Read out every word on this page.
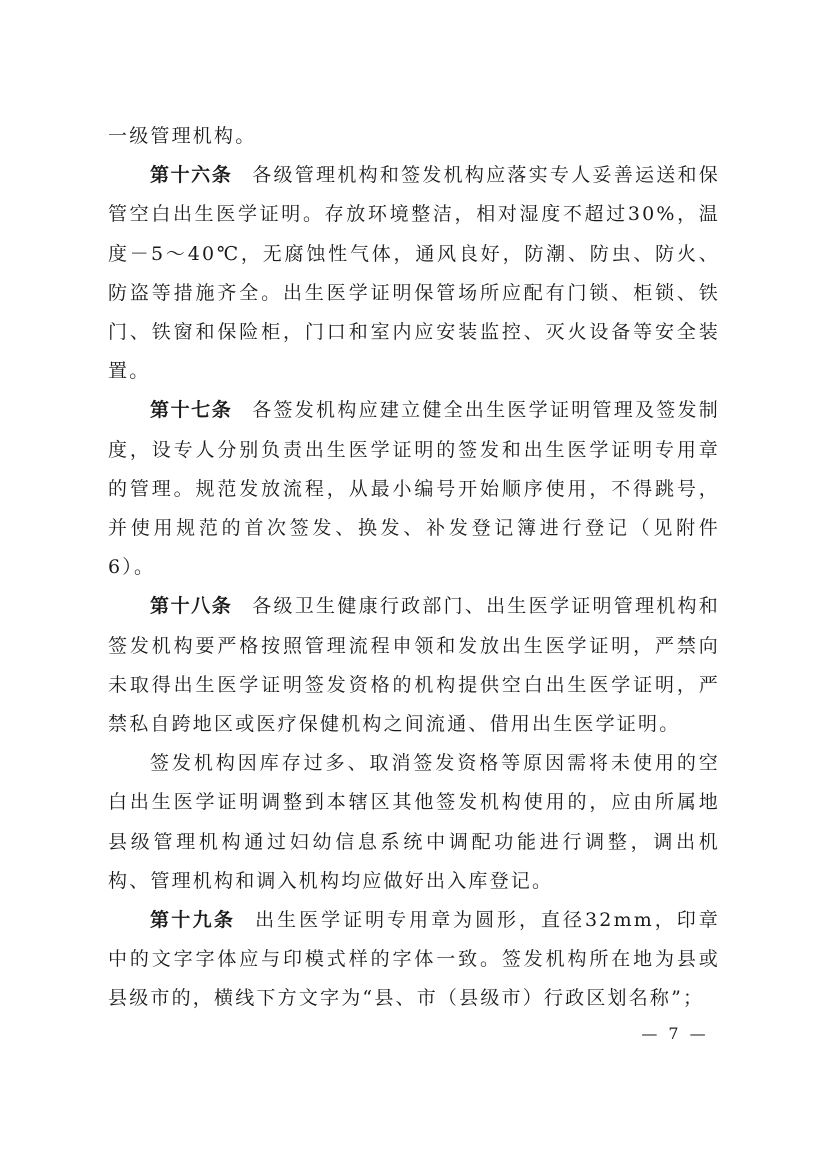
一级管理机构。

第十六条 各级管理机构和签发机构应落实专人妥善运送和保管空白出生医学证明。存放环境整洁，相对湿度不超过30%，温度－5～40℃，无腐蚀性气体，通风良好，防潮、防虫、防火、防盗等措施齐全。出生医学证明保管场所应配有门锁、柜锁、铁门、铁窗和保险柜，门口和室内应安装监控、灭火设备等安全装置。

第十七条 各签发机构应建立健全出生医学证明管理及签发制度，设专人分别负责出生医学证明的签发和出生医学证明专用章的管理。规范发放流程，从最小编号开始顺序使用，不得跳号，并使用规范的首次签发、换发、补发登记簿进行登记（见附件6）。

第十八条 各级卫生健康行政部门、出生医学证明管理机构和签发机构要严格按照管理流程申领和发放出生医学证明，严禁向未取得出生医学证明签发资格的机构提供空白出生医学证明，严禁私自跨地区或医疗保健机构之间流通、借用出生医学证明。

签发机构因库存过多、取消签发资格等原因需将未使用的空白出生医学证明调整到本辖区其他签发机构使用的，应由所属地县级管理机构通过妇幼信息系统中调配功能进行调整，调出机构、管理机构和调入机构均应做好出入库登记。

第十九条 出生医学证明专用章为圆形，直径32mm，印章中的文字字体应与印模式样的字体一致。签发机构所在地为县或县级市的，横线下方文字为“县、市（县级市）行政区划名称”；

— 7 —
